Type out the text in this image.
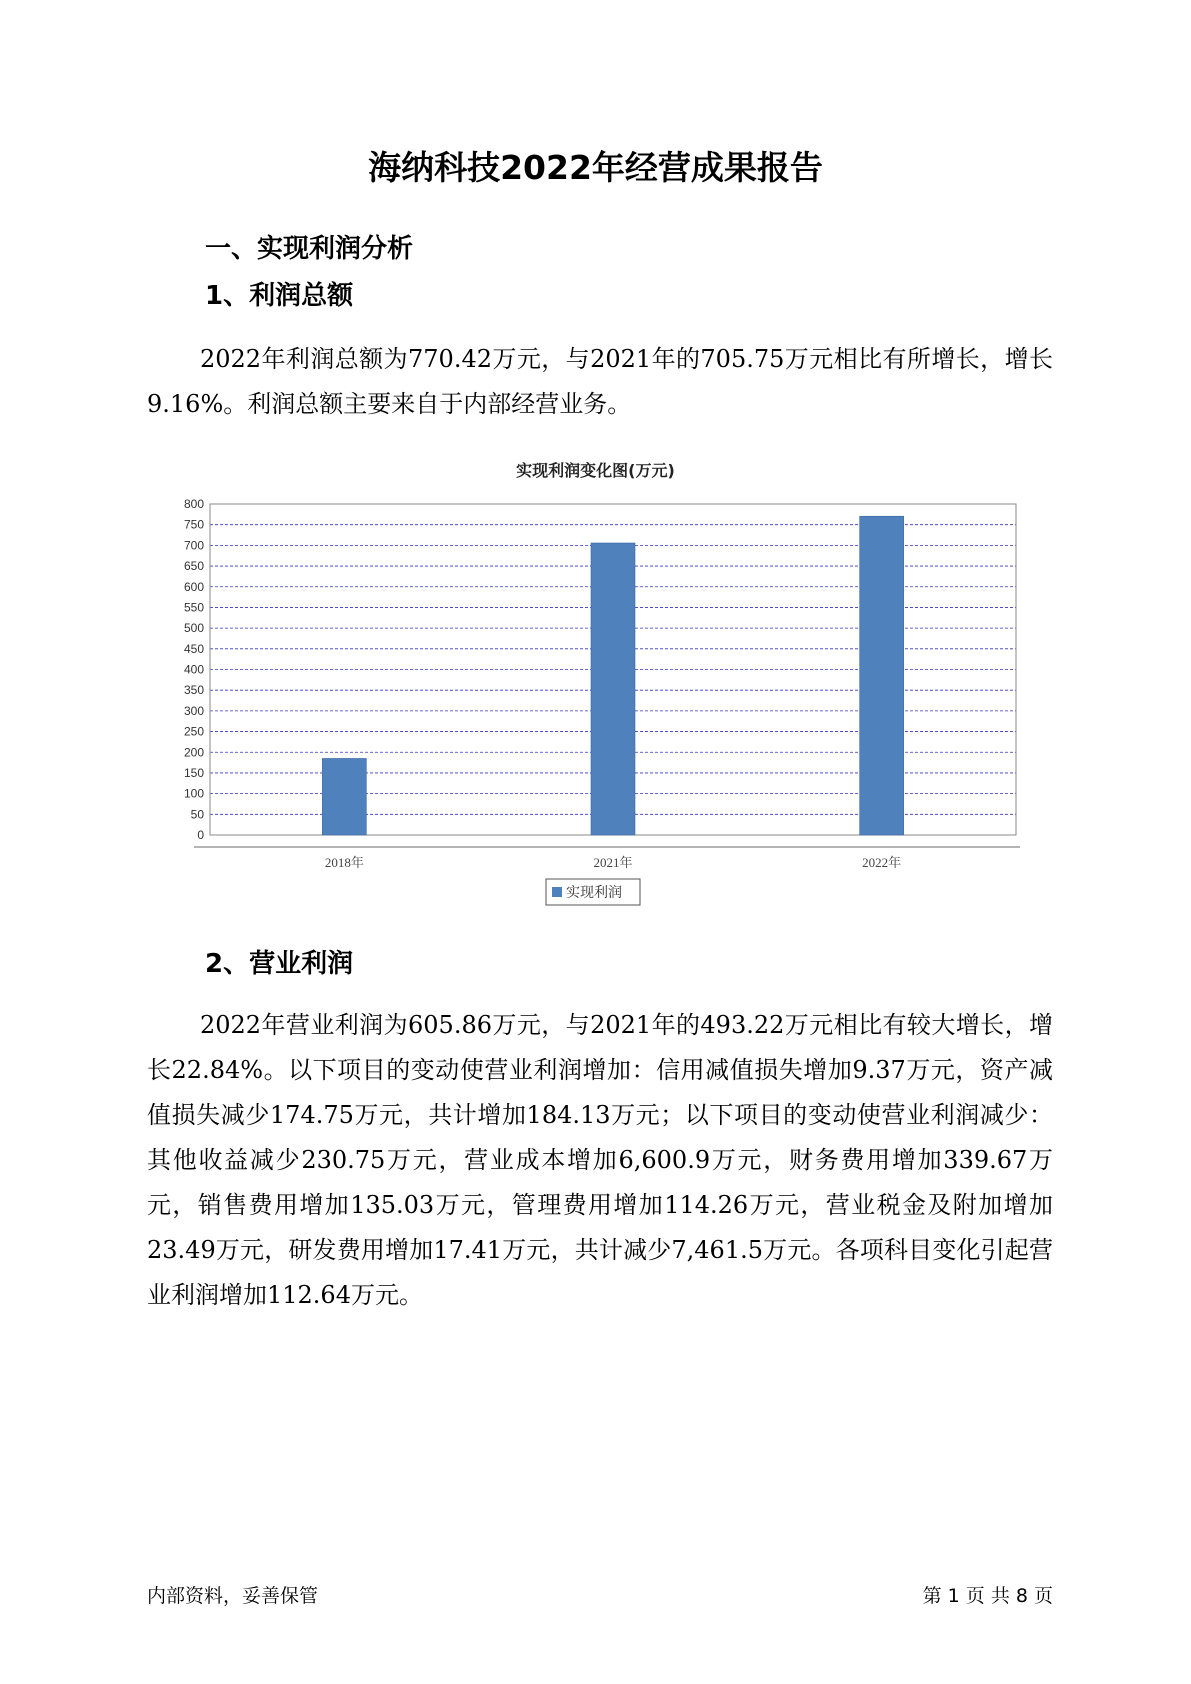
海纳科技2022年经营成果报告
一、实现利润分析
1、利润总额

2022年利润总额为770.42万元，与2021年的705.75万元相比有所增长，增长9.16%。利润总额主要来自于内部经营业务。

实现利润变化图(万元)
0
50
100
150
200
250
300
350
400
450
500
550
600
650
700
750
800
2018年	2021年	2022年
实现利润
2、营业利润

2022年营业利润为605.86万元，与2021年的493.22万元相比有较大增长，增长22.84%。以下项目的变动使营业利润增加：信用减值损失增加9.37万元，资产减值损失减少174.75万元，共计增加184.13万元；以下项目的变动使营业利润减少：其他收益减少230.75万元，营业成本增加6,600.9万元，财务费用增加339.67万元，销售费用增加135.03万元，管理费用增加114.26万元，营业税金及附加增加23.49万元，研发费用增加17.41万元，共计减少7,461.5万元。各项科目变化引起营业利润增加112.64万元。

内部资料，妥善保管	第 1 页 共 8 页
